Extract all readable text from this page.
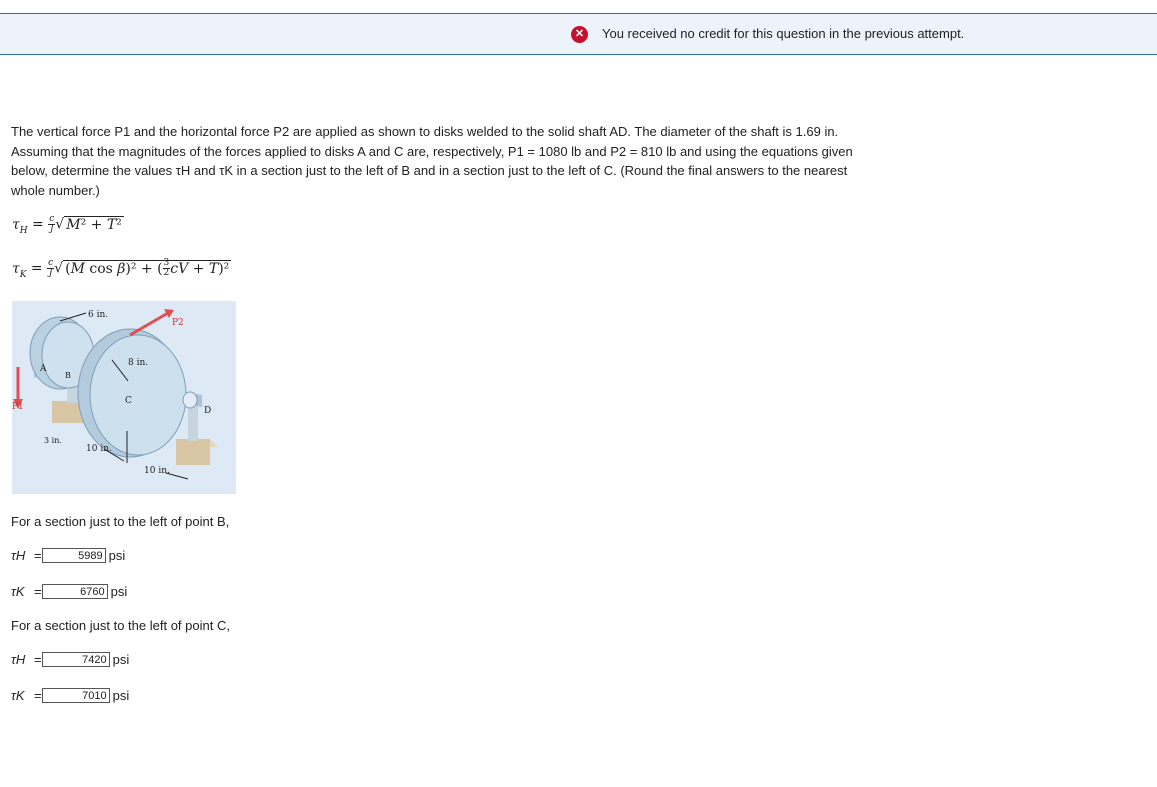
✕ You received no credit for this question in the previous attempt.
The vertical force P1 and the horizontal force P2 are applied as shown to disks welded to the solid shaft AD. The diameter of the shaft is 1.69 in. Assuming that the magnitudes of the forces applied to disks A and C are, respectively, P1 = 1080 lb and P2 = 810 lb and using the equations given below, determine the values τH and τK in a section just to the left of B and in a section just to the left of C. (Round the final answers to the nearest whole number.)
$\tau_H = \frac{c}{J}$ √ M² + T²
$\tau_K = \frac{c}{J}$ √ (M cos β)² + ( $\frac{3}{2}$ cV + T)²
6 in.
P2
8 in.
A
B
C
D
P1
3 in.
10 in.
10 in.
For a section just to the left of point B,
τH =	5989 psi
τK =	6760 psi
For a section just to the left of point C,
τH =	7420 psi
τK =	7010 psi
